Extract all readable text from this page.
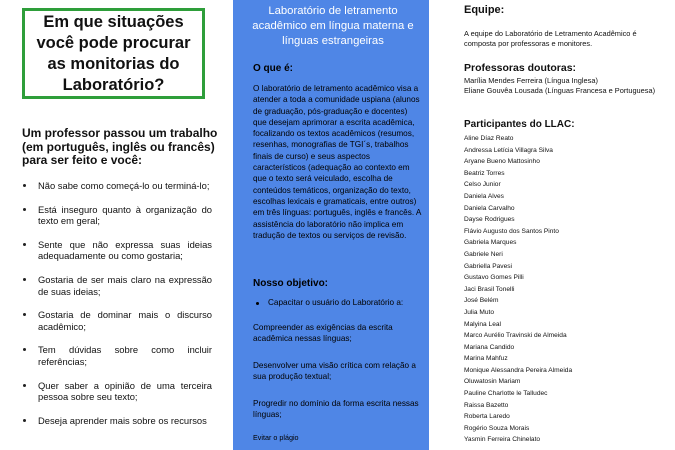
Em que situações você pode procurar as monitorias do Laboratório?
Um professor passou um trabalho (em português, inglês ou francês) para ser feito e você:
Não sabe como começá-lo ou terminá-lo;
Está inseguro quanto à organização do texto em geral;
Sente que não expressa suas ideias adequadamente ou como gostaria;
Gostaria de ser mais claro na expressão de suas ideias;
Gostaria de dominar mais o discurso acadêmico;
Tem dúvidas sobre como incluir referências;
Quer saber a opinião de uma terceira pessoa sobre seu texto;
Deseja aprender mais sobre os recursos
Laboratório de letramento acadêmico em língua materna e línguas estrangeiras
O que é:
O laboratório de letramento acadêmico visa a atender a toda a comunidade uspiana (alunos de graduação, pós-graduação e docentes) que desejam aprimorar a escrita acadêmica, focalizando os textos acadêmicos (resumos, resenhas, monografias de TGI´s, trabalhos finais de curso) e seus aspectos característicos (adequação ao contexto em que o texto será veiculado, escolha de conteúdos temáticos, organização do texto, escolhas lexicais e gramaticais, entre outros) em três línguas: português, inglês e francês. A assistência do laboratório não implica em tradução de textos ou serviços de revisão.
Nosso objetivo:
Capacitar o usuário do Laboratório a:
Compreender as exigências da escrita acadêmica nessas línguas;
Desenvolver uma visão crítica com relação a sua produção textual;
Progredir no domínio da forma escrita nessas línguas;
Evitar o plágio
Equipe:
A equipe do Laboratório de Letramento Acadêmico é composta por professoras e monitores.
Professoras doutoras:
Marília Mendes Ferreira (Língua Inglesa)
Eliane Gouvêa Lousada (Línguas Francesa e Portuguesa)
Participantes do LLAC:
Aline Díaz Reato
Andressa Letícia Villagra Silva
Aryane Bueno Mattosinho
Beatriz Torres
Celso Junior
Daniela Alves
Daniela Carvalho
Dayse Rodrigues
Flávio Augusto dos Santos Pinto
Gabriela Marques
Gabriele Neri
Gabriella Pavesi
Gustavo Gomes Pilli
Jaci Brasil Tonelli
José Belém
Julia Muto
Malyina Leal
Marco Aurélio Travinski de Almeida
Mariana Candido
Marina Mahfuz
Monique Alessandra Pereira Almeida
Oluwatosin Mariam
Pauline Charlotte le Talludec
Raissa Bazetto
Roberta Laredo
Rogério Souza Morais
Yasmin Ferreira Chinelato
